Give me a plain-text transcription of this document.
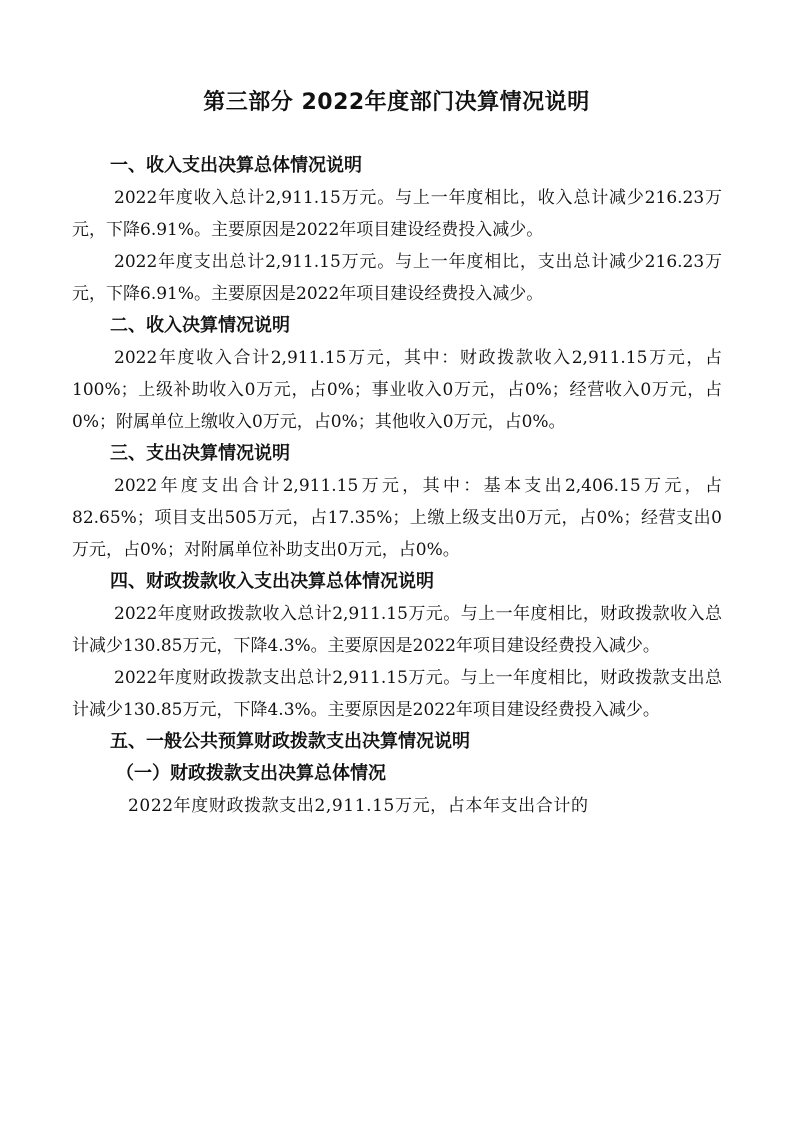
第三部分 2022年度部门决算情况说明
一、收入支出决算总体情况说明

2022年度收入总计2,911.15万元。与上一年度相比，收入总计减少216.23万元，下降6.91%。主要原因是2022年项目建设经费投入减少。

2022年度支出总计2,911.15万元。与上一年度相比，支出总计减少216.23万元，下降6.91%。主要原因是2022年项目建设经费投入减少。

二、收入决算情况说明

2022年度收入合计2,911.15万元，其中：财政拨款收入2,911.15万元，占100%；上级补助收入0万元，占0%；事业收入0万元，占0%；经营收入0万元，占0%；附属单位上缴收入0万元，占0%；其他收入0万元，占0%。

三、支出决算情况说明

2022年度支出合计2,911.15万元，其中：基本支出2,406.15万元，占82.65%；项目支出505万元，占17.35%；上缴上级支出0万元，占0%；经营支出0万元，占0%；对附属单位补助支出0万元，占0%。

四、财政拨款收入支出决算总体情况说明

2022年度财政拨款收入总计2,911.15万元。与上一年度相比，财政拨款收入总计减少130.85万元，下降4.3%。主要原因是2022年项目建设经费投入减少。

2022年度财政拨款支出总计2,911.15万元。与上一年度相比，财政拨款支出总计减少130.85万元，下降4.3%。主要原因是2022年项目建设经费投入减少。

五、一般公共预算财政拨款支出决算情况说明
（一）财政拨款支出决算总体情况

2022年度财政拨款支出2,911.15万元，占本年支出合计的
